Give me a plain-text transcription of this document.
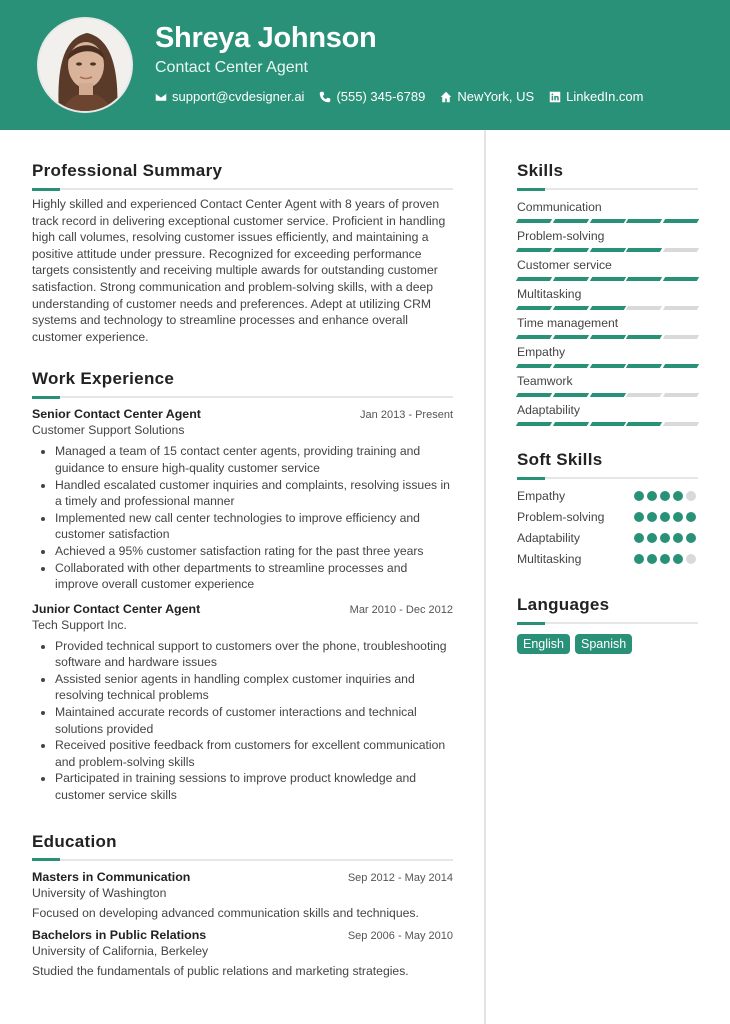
Shreya Johnson
Contact Center Agent
support@cvdesigner.ai (555) 345-6789 NewYork, US LinkedIn.com
Professional Summary

Highly skilled and experienced Contact Center Agent with 8 years of proven track record in delivering exceptional customer service. Proficient in handling high call volumes, resolving customer issues efficiently, and maintaining a positive attitude under pressure. Recognized for exceeding performance targets consistently and receiving multiple awards for outstanding customer satisfaction. Strong communication and problem-solving skills, with a deep understanding of customer needs and preferences. Adept at utilizing CRM systems and technology to streamline processes and enhance overall customer experience.

Work Experience
Senior Contact Center Agent	Jan 2013 - Present
Customer Support Solutions
Managed a team of 15 contact center agents, providing training and guidance to ensure high-quality customer service
Handled escalated customer inquiries and complaints, resolving issues in a timely and professional manner
Implemented new call center technologies to improve efficiency and customer satisfaction
Achieved a 95% customer satisfaction rating for the past three years
Collaborated with other departments to streamline processes and improve overall customer experience
Junior Contact Center Agent	Mar 2010 - Dec 2012
Tech Support Inc.
Provided technical support to customers over the phone, troubleshooting software and hardware issues
Assisted senior agents in handling complex customer inquiries and resolving technical problems
Maintained accurate records of customer interactions and technical solutions provided
Received positive feedback from customers for excellent communication and problem-solving skills
Participated in training sessions to improve product knowledge and customer service skills
Education
Masters in Communication	Sep 2012 - May 2014
University of Washington
Focused on developing advanced communication skills and techniques.
Bachelors in Public Relations	Sep 2006 - May 2010
University of California, Berkeley
Studied the fundamentals of public relations and marketing strategies.
Skills
Communication
Problem-solving
Customer service
Multitasking
Time management
Empathy
Teamwork
Adaptability
Soft Skills
Empathy
Problem-solving
Adaptability
Multitasking
Languages
English	Spanish
